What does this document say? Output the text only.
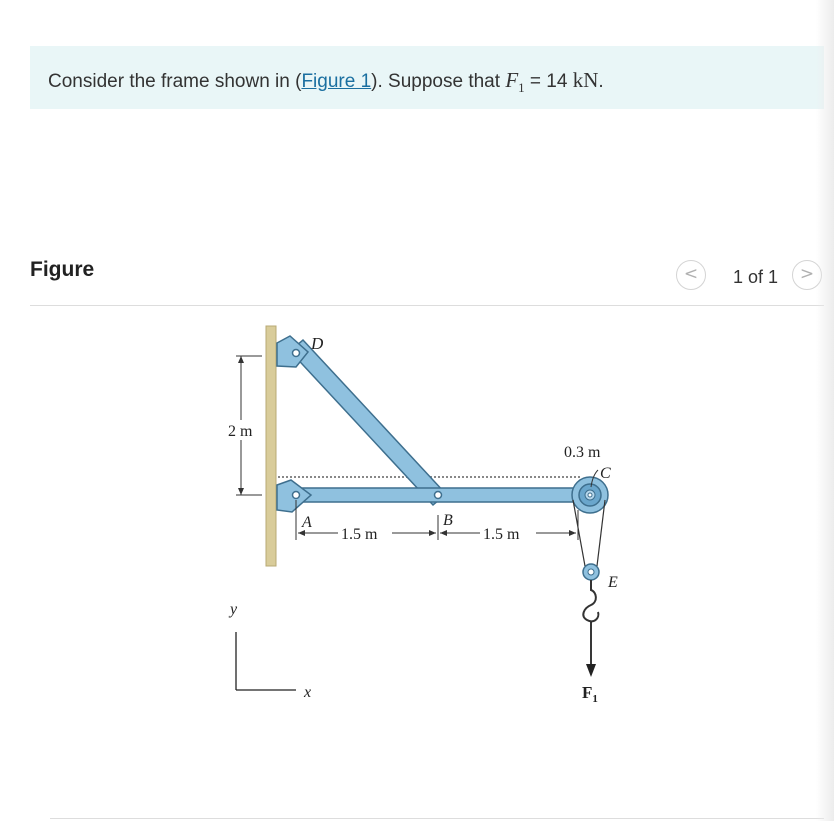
Consider the frame shown in (Figure 1). Suppose that $F_1 = 14$ kN.
Figure	<	1 of 1	>
2 m
1.5 m	1.5 m
0.3 m
D
A	B
C
E
$F_1$
y
x
